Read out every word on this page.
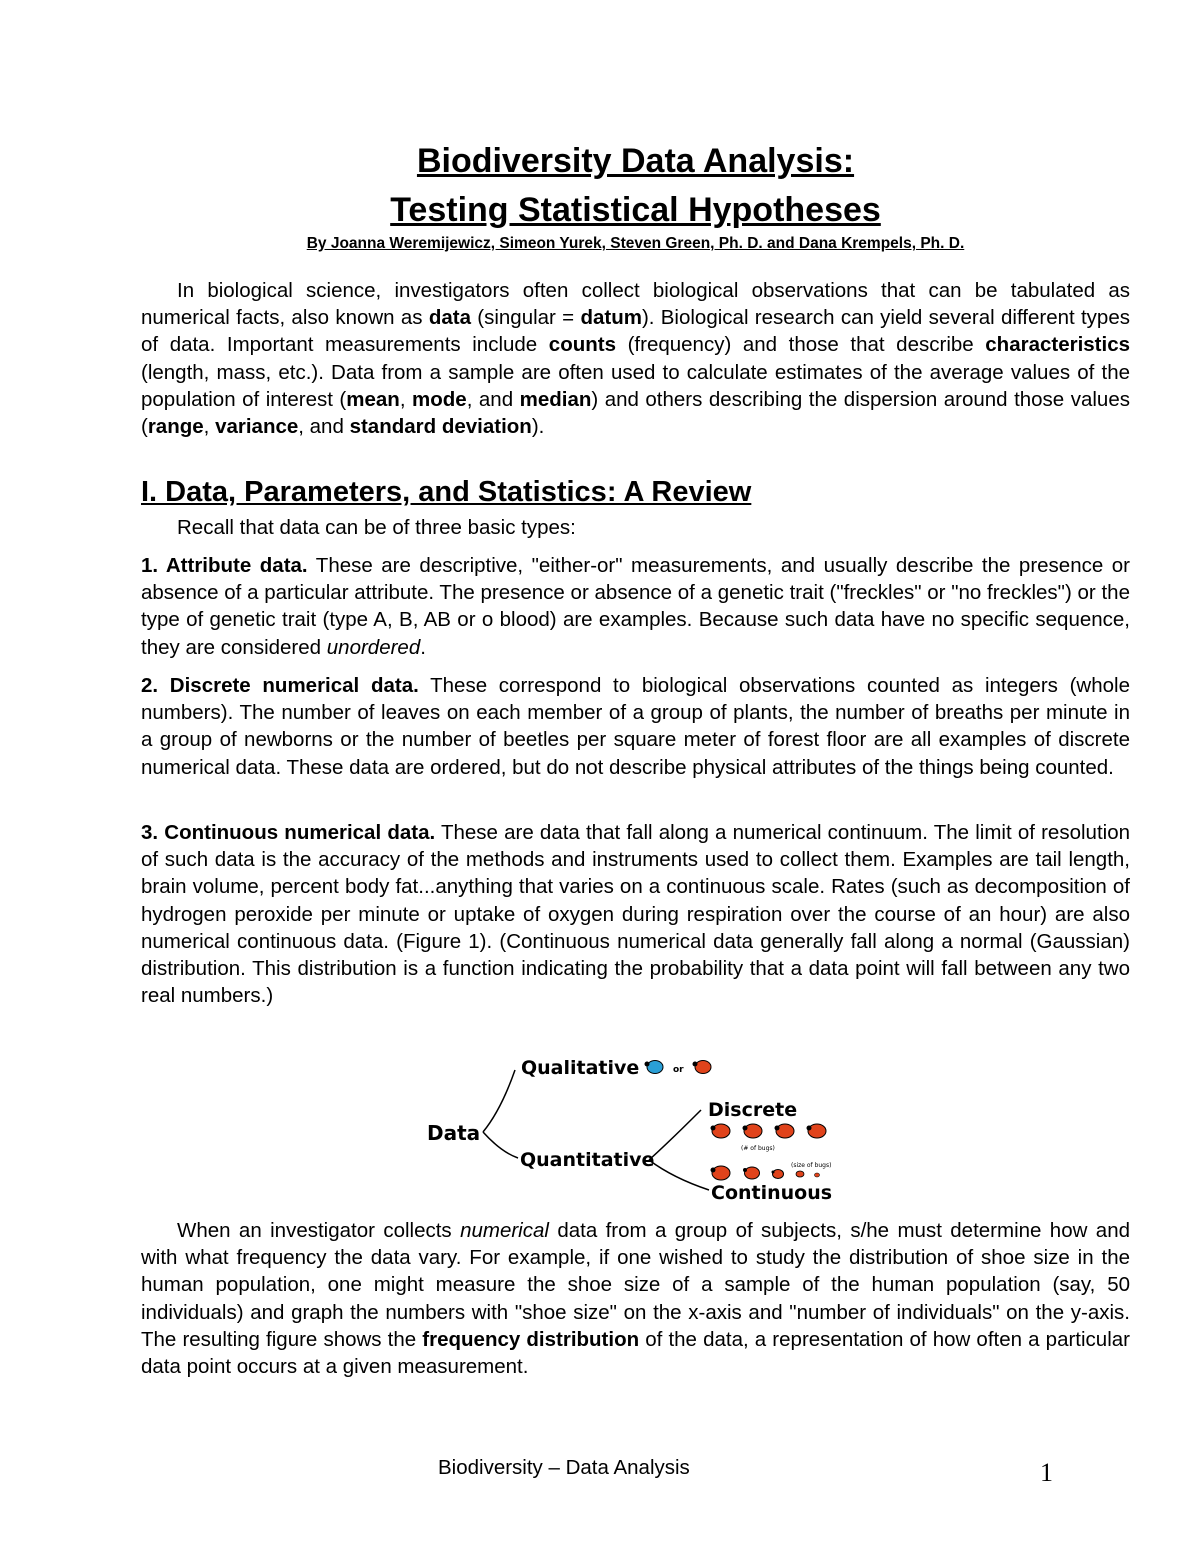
Biodiversity Data Analysis:
Testing Statistical Hypotheses
By Joanna Weremijewicz, Simeon Yurek, Steven Green, Ph. D. and Dana Krempels, Ph. D.

In biological science, investigators often collect biological observations that can be tabulated as numerical facts, also known as data (singular = datum). Biological research can yield several different types of data. Important measurements include counts (frequency) and those that describe characteristics (length, mass, etc.). Data from a sample are often used to calculate estimates of the average values of the population of interest (mean, mode, and median) and others describing the dispersion around those values (range, variance, and standard deviation).

I. Data, Parameters, and Statistics: A Review

Recall that data can be of three basic types:

1. Attribute data. These are descriptive, "either-or" measurements, and usually describe the presence or absence of a particular attribute. The presence or absence of a genetic trait ("freckles" or "no freckles") or the type of genetic trait (type A, B, AB or o blood) are examples. Because such data have no specific sequence, they are considered unordered.

2. Discrete numerical data. These correspond to biological observations counted as integers (whole numbers). The number of leaves on each member of a group of plants, the number of breaths per minute in a group of newborns or the number of beetles per square meter of forest floor are all examples of discrete numerical data. These data are ordered, but do not describe physical attributes of the things being counted.

3. Continuous numerical data. These are data that fall along a numerical continuum. The limit of resolution of such data is the accuracy of the methods and instruments used to collect them. Examples are tail length, brain volume, percent body fat...anything that varies on a continuous scale. Rates (such as decomposition of hydrogen peroxide per minute or uptake of oxygen during respiration over the course of an hour) are also numerical continuous data. (Figure 1). (Continuous numerical data generally fall along a normal (Gaussian) distribution. This distribution is a function indicating the probability that a data point will fall between any two real numbers.)

When an investigator collects numerical data from a group of subjects, s/he must determine how and with what frequency the data vary. For example, if one wished to study the distribution of shoe size in the human population, one might measure the shoe size of a sample of the human population (say, 50 individuals) and graph the numbers with "shoe size" on the x-axis and "number of individuals" on the y-axis. The resulting figure shows the frequency distribution of the data, a representation of how often a particular data point occurs at a given measurement.

Data
Qualitative	or
Quantitative
Discrete
(# of bugs)
(size of bugs)
Continuous
Biodiversity – Data Analysis	1
